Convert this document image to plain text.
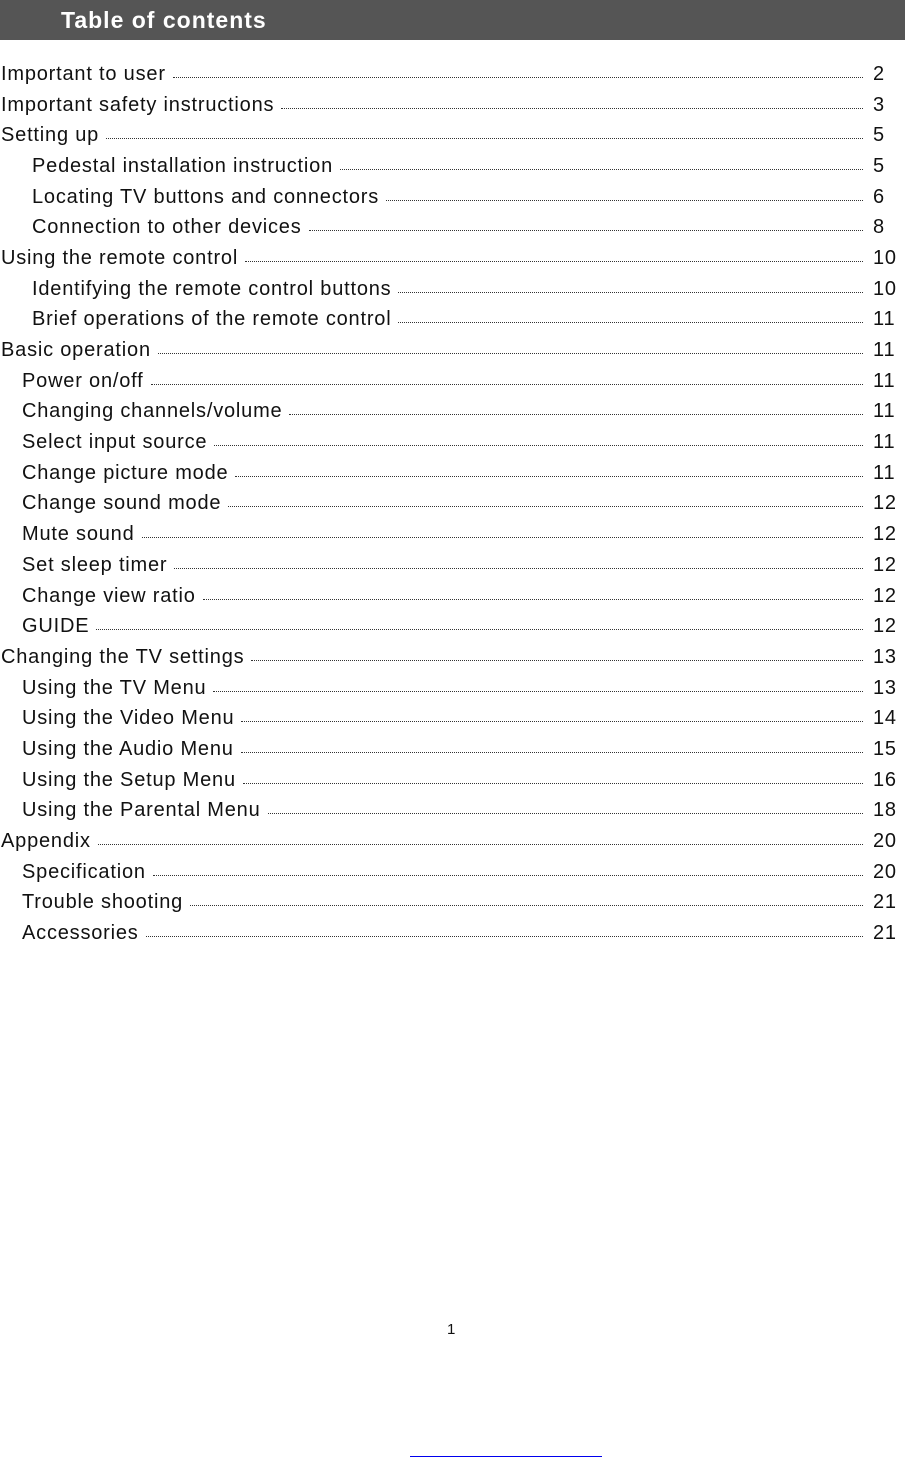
Table of contents
Important to user	2
Important safety instructions	3
Setting up	5
Pedestal installation instruction	5
Locating TV buttons and connectors	6
Connection to other devices	8
Using the remote control	10
Identifying the remote control buttons	10
Brief operations of the remote control	11
Basic operation	11
Power on/off	11
Changing channels/volume	11
Select input source	11
Change picture mode	11
Change sound mode	12
Mute sound	12
Set sleep timer	12
Change view ratio	12
GUIDE	12
Changing the TV settings	13
Using the TV Menu	13
Using the Video Menu	14
Using the Audio Menu	15
Using the Setup Menu	16
Using the Parental Menu	18
Appendix	20
Specification	20
Trouble shooting	21
Accessories	21
1
